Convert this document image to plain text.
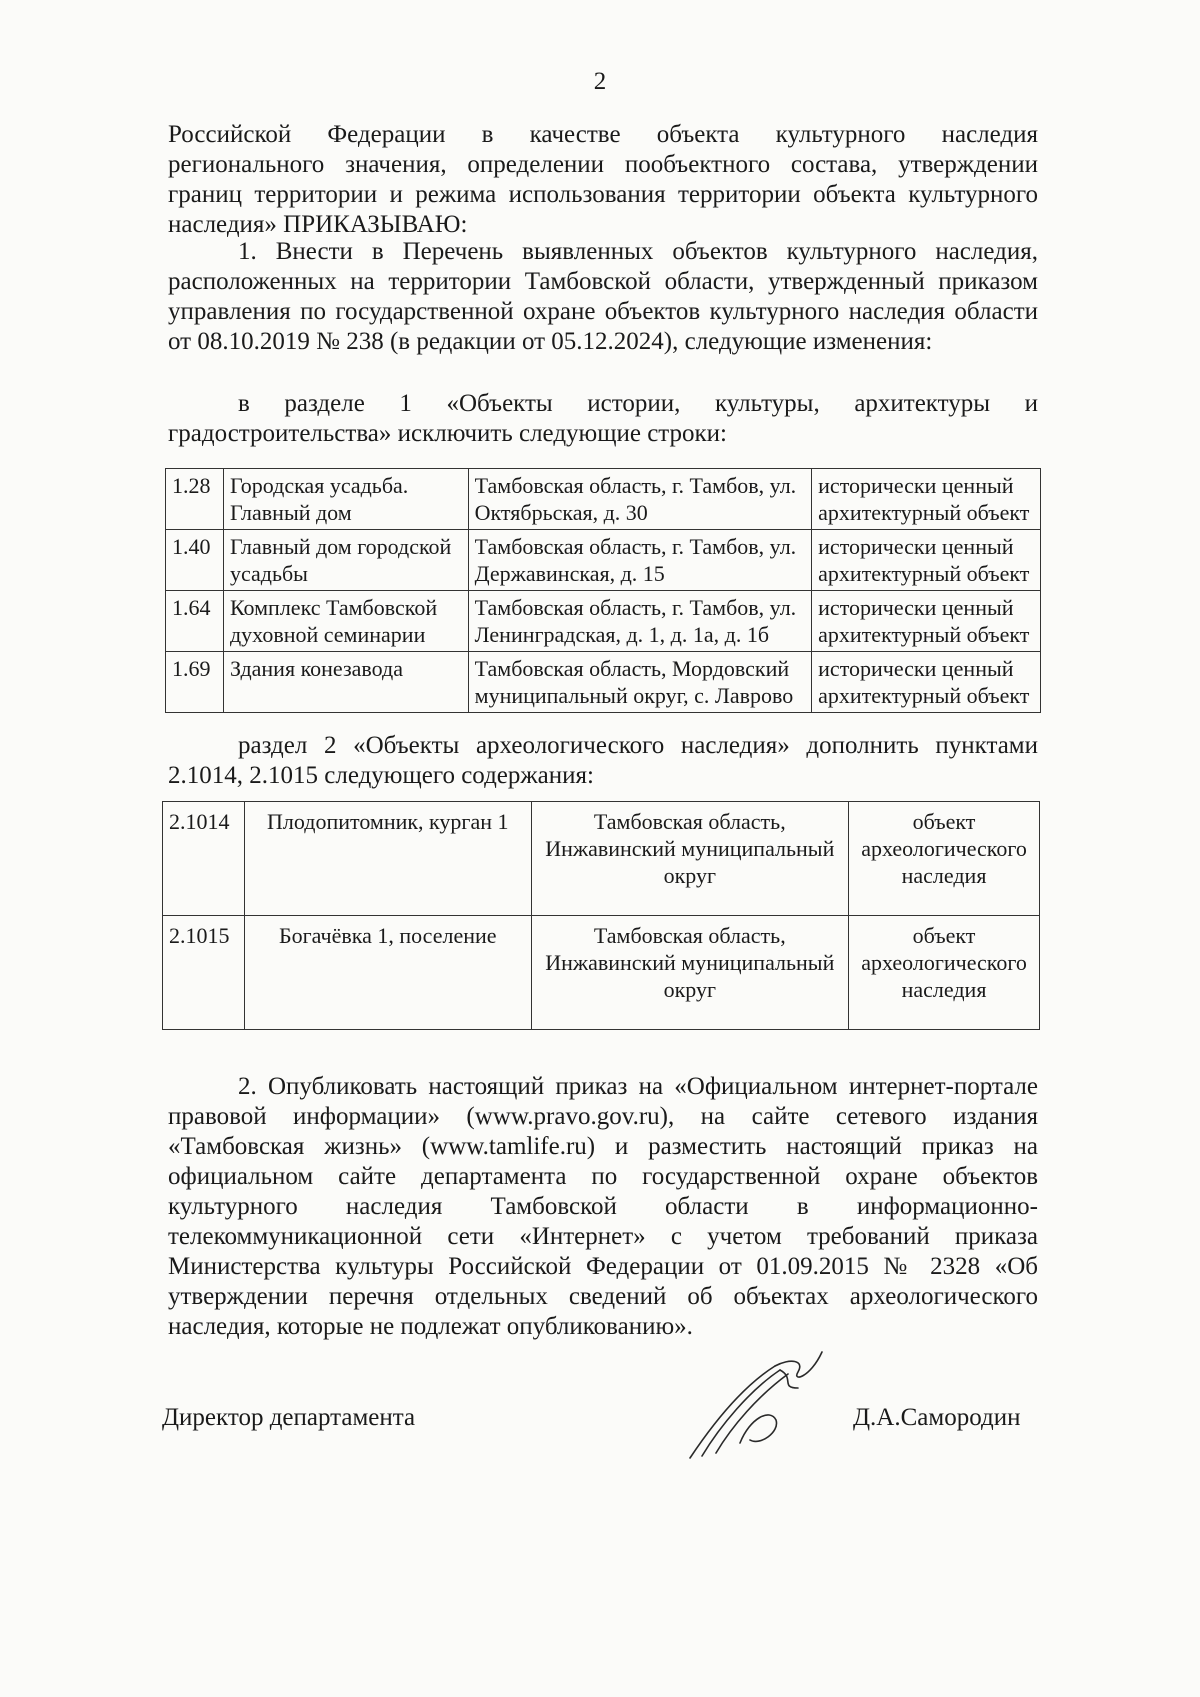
2

Российской Федерации в качестве объекта культурного наследия

регионального значения, определении пообъектного состава, утверждении границ территории и режима использования территории объекта культурного наследия» ПРИКАЗЫВАЮ:

1. Внести в Перечень выявленных объектов культурного наследия, расположенных на территории Тамбовской области, утвержденный приказом управления по государственной охране объектов культурного наследия области от 08.10.2019 № 238 (в редакции от 05.12.2024), следующие изменения:

в разделе 1 «Объекты истории, культуры, архитектуры и

градостроительства» исключить следующие строки:

1.28	Городская усадьба. Главный дом	Тамбовская область, г. Тамбов, ул. Октябрьская, д. 30	исторически ценный архитектурный объект
1.40	Главный дом городской усадьбы	Тамбовская область, г. Тамбов, ул. Державинская, д. 15	исторически ценный архитектурный объект
1.64	Комплекс Тамбовской духовной семинарии	Тамбовская область, г. Тамбов, ул. Ленинградская, д. 1, д. 1а, д. 1б	исторически ценный архитектурный объект
1.69	Здания конезавода	Тамбовская область, Мордовский муниципальный округ, с. Лаврово	исторически ценный архитектурный объект

раздел 2 «Объекты археологического наследия» дополнить пунктами 2.1014, 2.1015 следующего содержания:

2.1014	Плодопитомник, курган 1	Тамбовская область, Инжавинский муниципальный округ	объект археологического наследия
2.1015	Богачёвка 1, поселение	Тамбовская область, Инжавинский муниципальный округ	объект археологического наследия

2. Опубликовать настоящий приказ на «Официальном интернет-портале правовой информации» (www.pravo.gov.ru), на сайте сетевого издания «Тамбовская жизнь» (www.tamlife.ru) и разместить настоящий приказ на официальном сайте департамента по государственной охране объектов культурного наследия Тамбовской области в информационно-телекоммуникационной сети «Интернет» с учетом требований приказа Министерства культуры Российской Федерации от 01.09.2015 № 2328 «Об утверждении перечня отдельных сведений об объектах археологического наследия, которые не подлежат опубликованию».

Директор департамента	Д.А.Самородин
